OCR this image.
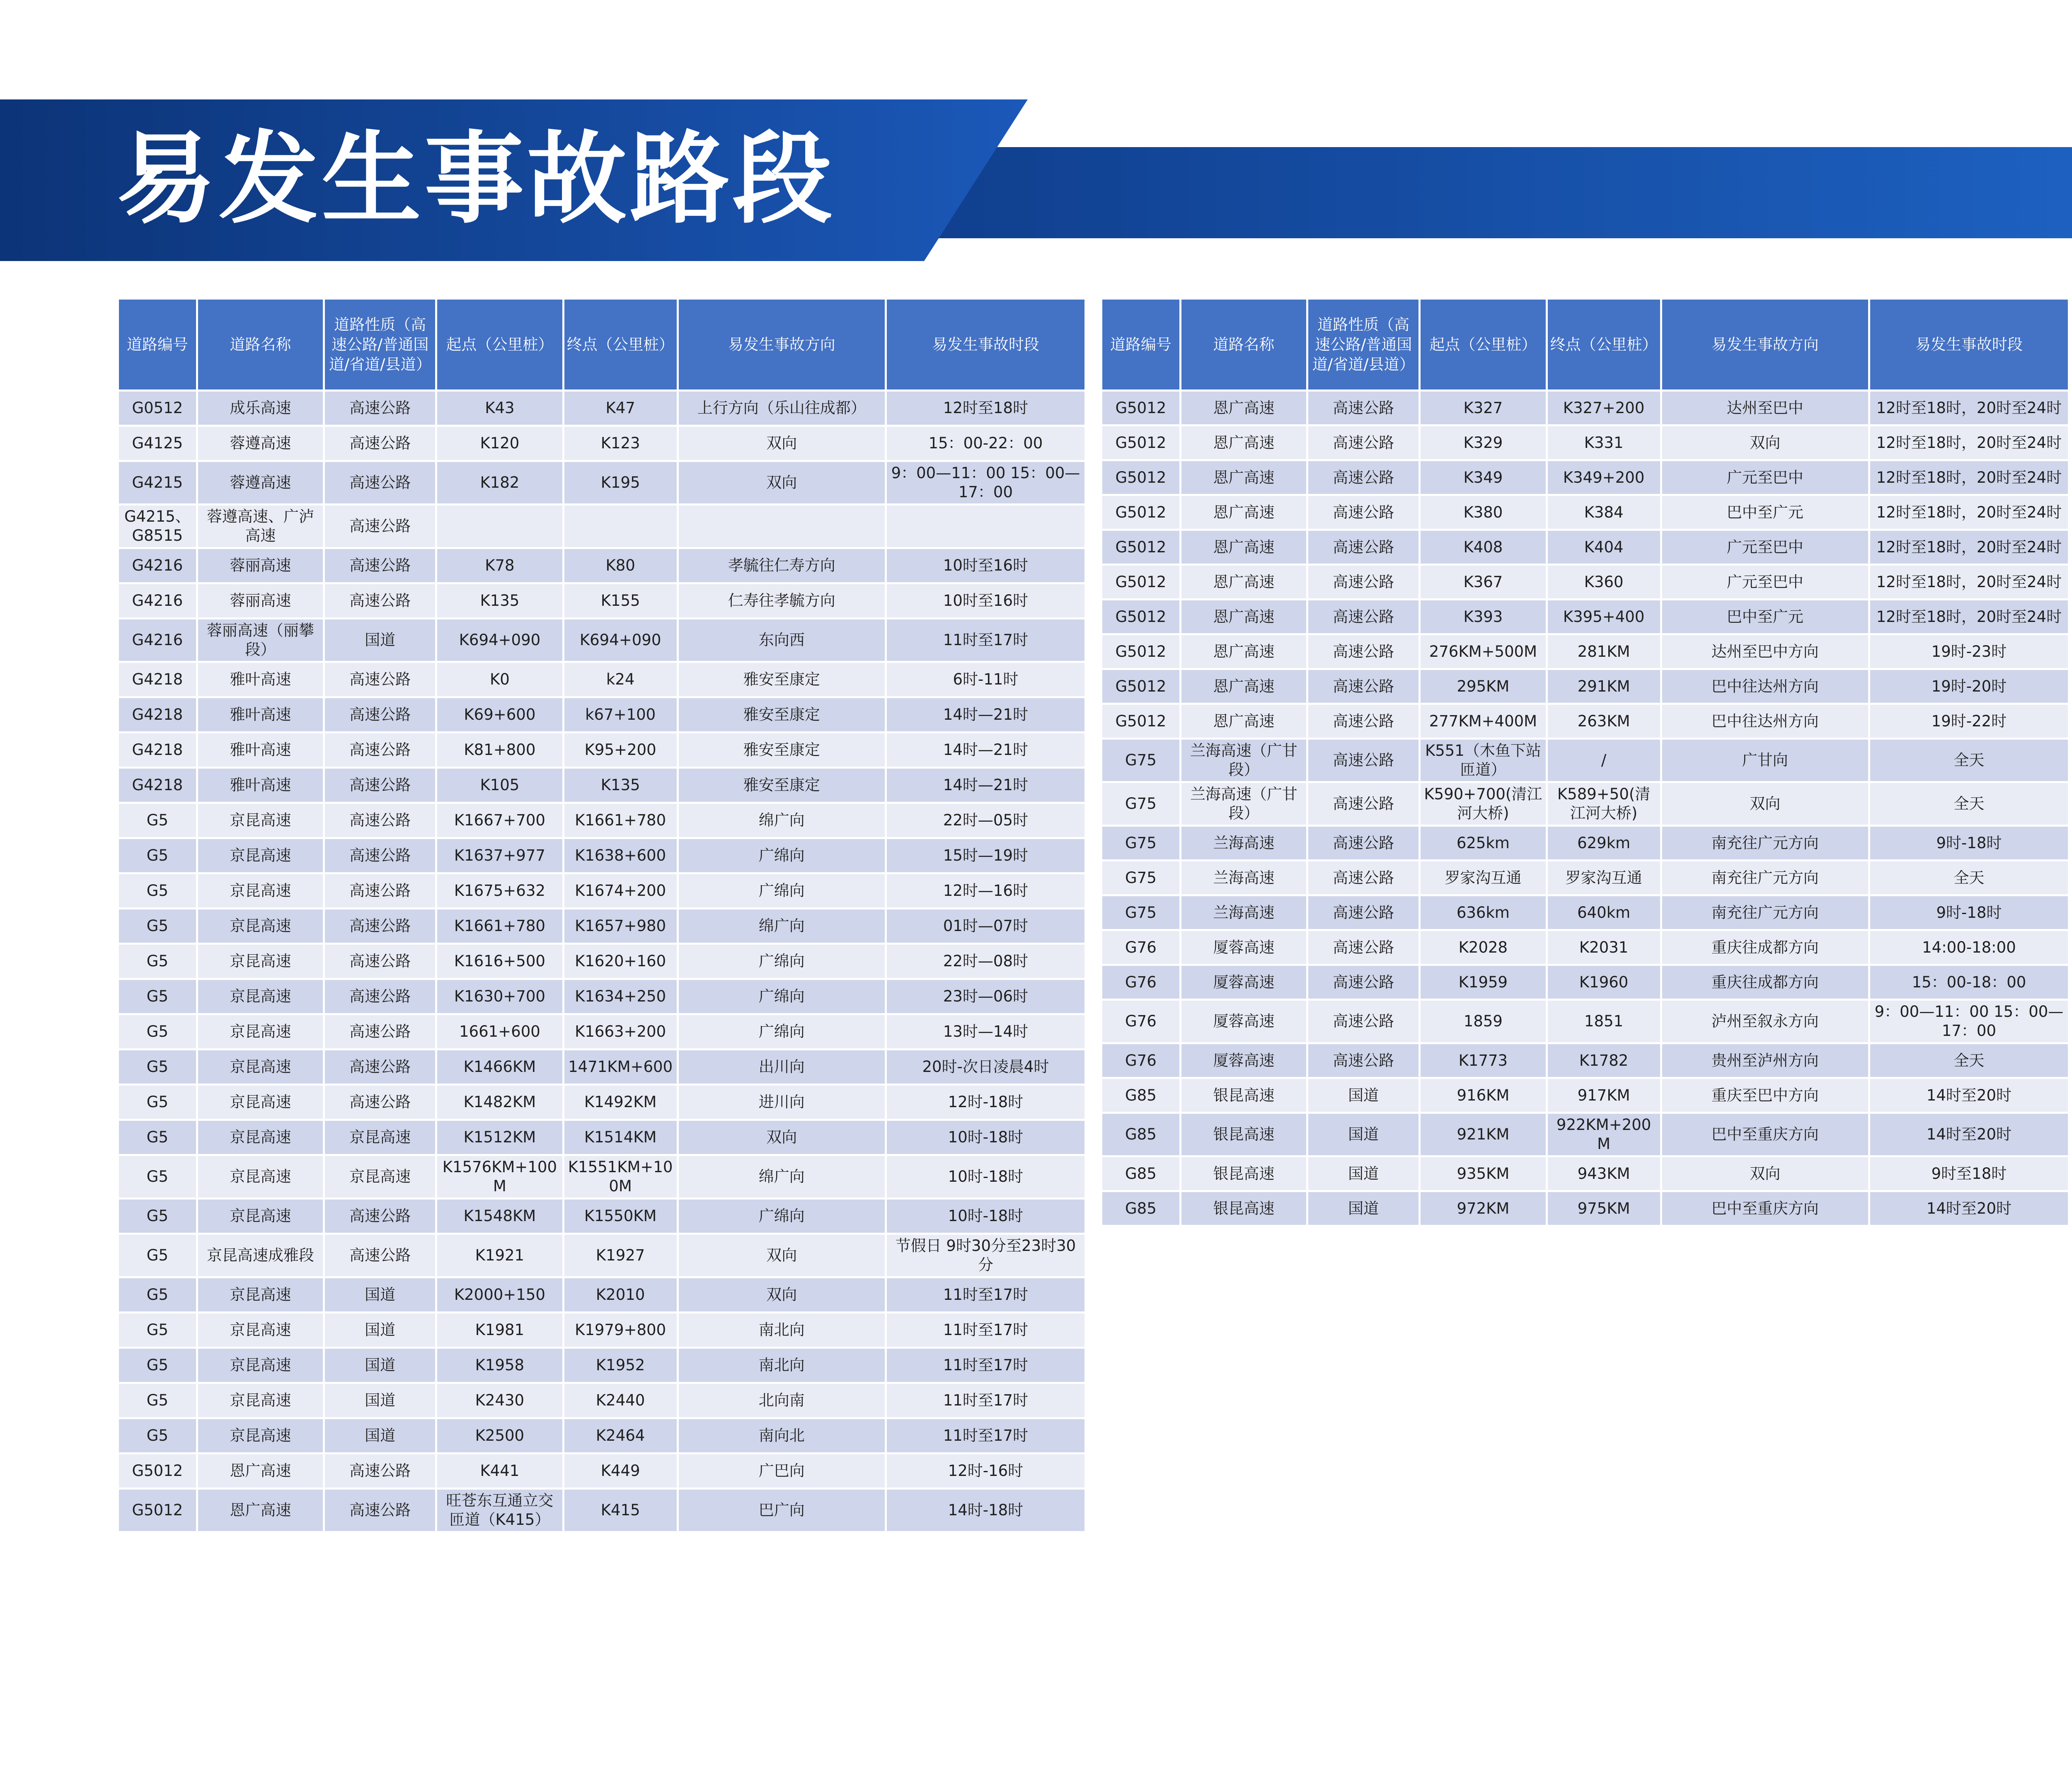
易发生事故路段
道路编号	道路名称	道路性质（高速公路/普通国道/省道/县道）	起点（公里桩）	终点（公里桩）	易发生事故方向	易发生事故时段
G0512	成乐高速	高速公路	K43	K47	上行方向（乐山往成都）	12时至18时
G4125	蓉遵高速	高速公路	K120	K123	双向	15：00-22：00
G4215	蓉遵高速	高速公路	K182	K195	双向	9：00—11：00 15：00—17：00
G4215、G8515	蓉遵高速、广泸高速	高速公路				
G4216	蓉丽高速	高速公路	K78	K80	孝毓往仁寿方向	10时至16时
G4216	蓉丽高速	高速公路	K135	K155	仁寿往孝毓方向	10时至16时
G4216	蓉丽高速（丽攀段）	国道	K694+090	K694+090	东向西	11时至17时
G4218	雅叶高速	高速公路	K0	k24	雅安至康定	6时-11时
G4218	雅叶高速	高速公路	K69+600	k67+100	雅安至康定	14时—21时
G4218	雅叶高速	高速公路	K81+800	K95+200	雅安至康定	14时—21时
G4218	雅叶高速	高速公路	K105	K135	雅安至康定	14时—21时
G5	京昆高速	高速公路	K1667+700	K1661+780	绵广向	22时—05时
G5	京昆高速	高速公路	K1637+977	K1638+600	广绵向	15时—19时
G5	京昆高速	高速公路	K1675+632	K1674+200	广绵向	12时—16时
G5	京昆高速	高速公路	K1661+780	K1657+980	绵广向	01时—07时
G5	京昆高速	高速公路	K1616+500	K1620+160	广绵向	22时—08时
G5	京昆高速	高速公路	K1630+700	K1634+250	广绵向	23时—06时
G5	京昆高速	高速公路	1661+600	K1663+200	广绵向	13时—14时
G5	京昆高速	高速公路	K1466KM	1471KM+600	出川向	20时-次日凌晨4时
G5	京昆高速	高速公路	K1482KM	K1492KM	进川向	12时-18时
G5	京昆高速	京昆高速	K1512KM	K1514KM	双向	10时-18时
G5	京昆高速	京昆高速	K1576KM+100M	K1551KM+100M	绵广向	10时-18时
G5	京昆高速	高速公路	K1548KM	K1550KM	广绵向	10时-18时
G5	京昆高速成雅段	高速公路	K1921	K1927	双向	节假日 9时30分至23时30分
G5	京昆高速	国道	K2000+150	K2010	双向	11时至17时
G5	京昆高速	国道	K1981	K1979+800	南北向	11时至17时
G5	京昆高速	国道	K1958	K1952	南北向	11时至17时
G5	京昆高速	国道	K2430	K2440	北向南	11时至17时
G5	京昆高速	国道	K2500	K2464	南向北	11时至17时
G5012	恩广高速	高速公路	K441	K449	广巴向	12时-16时
G5012	恩广高速	高速公路	旺苍东互通立交匝道（K415）	K415	巴广向	14时-18时
道路编号	道路名称	道路性质（高速公路/普通国道/省道/县道）	起点（公里桩）	终点（公里桩）	易发生事故方向	易发生事故时段
G5012	恩广高速	高速公路	K327	K327+200	达州至巴中	12时至18时，20时至24时
G5012	恩广高速	高速公路	K329	K331	双向	12时至18时，20时至24时
G5012	恩广高速	高速公路	K349	K349+200	广元至巴中	12时至18时，20时至24时
G5012	恩广高速	高速公路	K380	K384	巴中至广元	12时至18时，20时至24时
G5012	恩广高速	高速公路	K408	K404	广元至巴中	12时至18时，20时至24时
G5012	恩广高速	高速公路	K367	K360	广元至巴中	12时至18时，20时至24时
G5012	恩广高速	高速公路	K393	K395+400	巴中至广元	12时至18时，20时至24时
G5012	恩广高速	高速公路	276KM+500M	281KM	达州至巴中方向	19时-23时
G5012	恩广高速	高速公路	295KM	291KM	巴中往达州方向	19时-20时
G5012	恩广高速	高速公路	277KM+400M	263KM	巴中往达州方向	19时-22时
G75	兰海高速（广甘段）	高速公路	K551（木鱼下站匝道）	/	广甘向	全天
G75	兰海高速（广甘段）	高速公路	K590+700(清江河大桥)	K589+50(清江河大桥)	双向	全天
G75	兰海高速	高速公路	625km	629km	南充往广元方向	9时-18时
G75	兰海高速	高速公路	罗家沟互通	罗家沟互通	南充往广元方向	全天
G75	兰海高速	高速公路	636km	640km	南充往广元方向	9时-18时
G76	厦蓉高速	高速公路	K2028	K2031	重庆往成都方向	14:00-18:00
G76	厦蓉高速	高速公路	K1959	K1960	重庆往成都方向	15：00-18：00
G76	厦蓉高速	高速公路	1859	1851	泸州至叙永方向	9：00—11：00 15：00—17：00
G76	厦蓉高速	高速公路	K1773	K1782	贵州至泸州方向	全天
G85	银昆高速	国道	916KM	917KM	重庆至巴中方向	14时至20时
G85	银昆高速	国道	921KM	922KM+200M	巴中至重庆方向	14时至20时
G85	银昆高速	国道	935KM	943KM	双向	9时至18时
G85	银昆高速	国道	972KM	975KM	巴中至重庆方向	14时至20时
